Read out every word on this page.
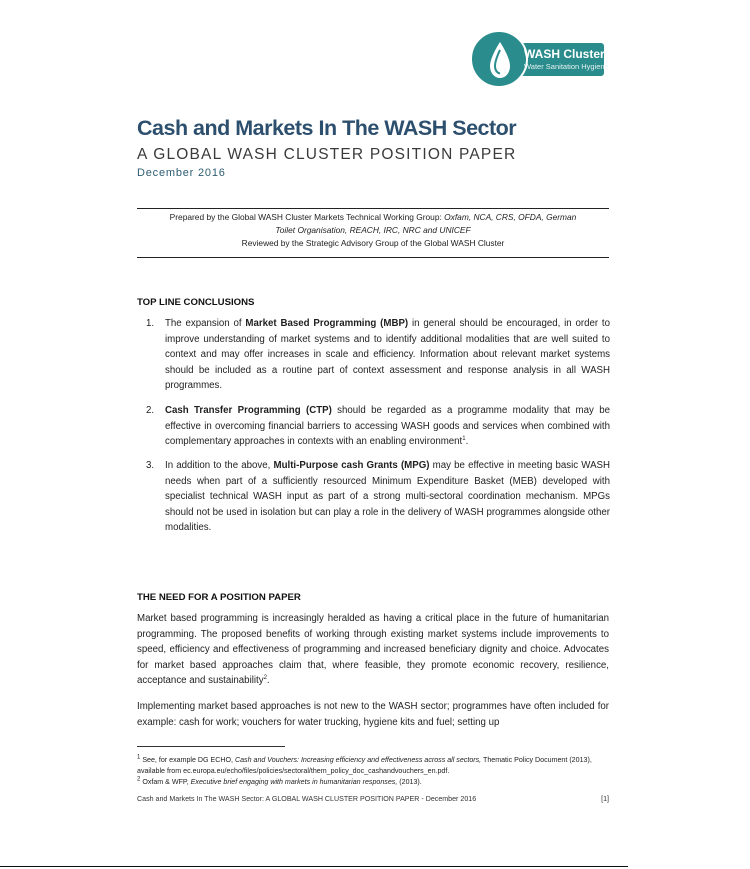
WASH Cluster
Water Sanitation Hygiene
Cash and Markets In The WASH Sector
A GLOBAL WASH CLUSTER POSITION PAPER
December 2016
Prepared by the Global WASH Cluster Markets Technical Working Group: Oxfam, NCA, CRS, OFDA, German
Toilet Organisation, REACH, IRC, NRC and UNICEF
Reviewed by the Strategic Advisory Group of the Global WASH Cluster
TOP LINE CONCLUSIONS
1. The expansion of Market Based Programming (MBP) in general should be encouraged, in order to improve understanding of market systems and to identify additional modalities that are well suited to context and may offer increases in scale and efficiency. Information about relevant market systems should be included as a routine part of context assessment and response analysis in all WASH programmes.
2. Cash Transfer Programming (CTP) should be regarded as a programme modality that may be effective in overcoming financial barriers to accessing WASH goods and services when combined with complementary approaches in contexts with an enabling environment$^1$.
3. In addition to the above, Multi-Purpose cash Grants (MPG) may be effective in meeting basic WASH needs when part of a sufficiently resourced Minimum Expenditure Basket (MEB) developed with specialist technical WASH input as part of a strong multi-sectoral coordination mechanism. MPGs should not be used in isolation but can play a role in the delivery of WASH programmes alongside other modalities.
THE NEED FOR A POSITION PAPER
Market based programming is increasingly heralded as having a critical place in the future of humanitarian programming. The proposed benefits of working through existing market systems include improvements to speed, efficiency and effectiveness of programming and increased beneficiary dignity and choice. Advocates for market based approaches claim that, where feasible, they promote economic recovery, resilience, acceptance and sustainability$^2$.
Implementing market based approaches is not new to the WASH sector; programmes have often included for example: cash for work; vouchers for water trucking, hygiene kits and fuel; setting up
$^1$ See, for example DG ECHO, Cash and Vouchers: Increasing efficiency and effectiveness across all sectors, Thematic Policy Document (2013), available from ec.europa.eu/echo/files/policies/sectoral/them_policy_doc_cashandvouchers_en.pdf.
$^2$ Oxfam & WFP, Executive brief engaging with markets in humanitarian responses, (2013).
Cash and Markets In The WASH Sector: A GLOBAL WASH CLUSTER POSITION PAPER - December 2016	[1]
